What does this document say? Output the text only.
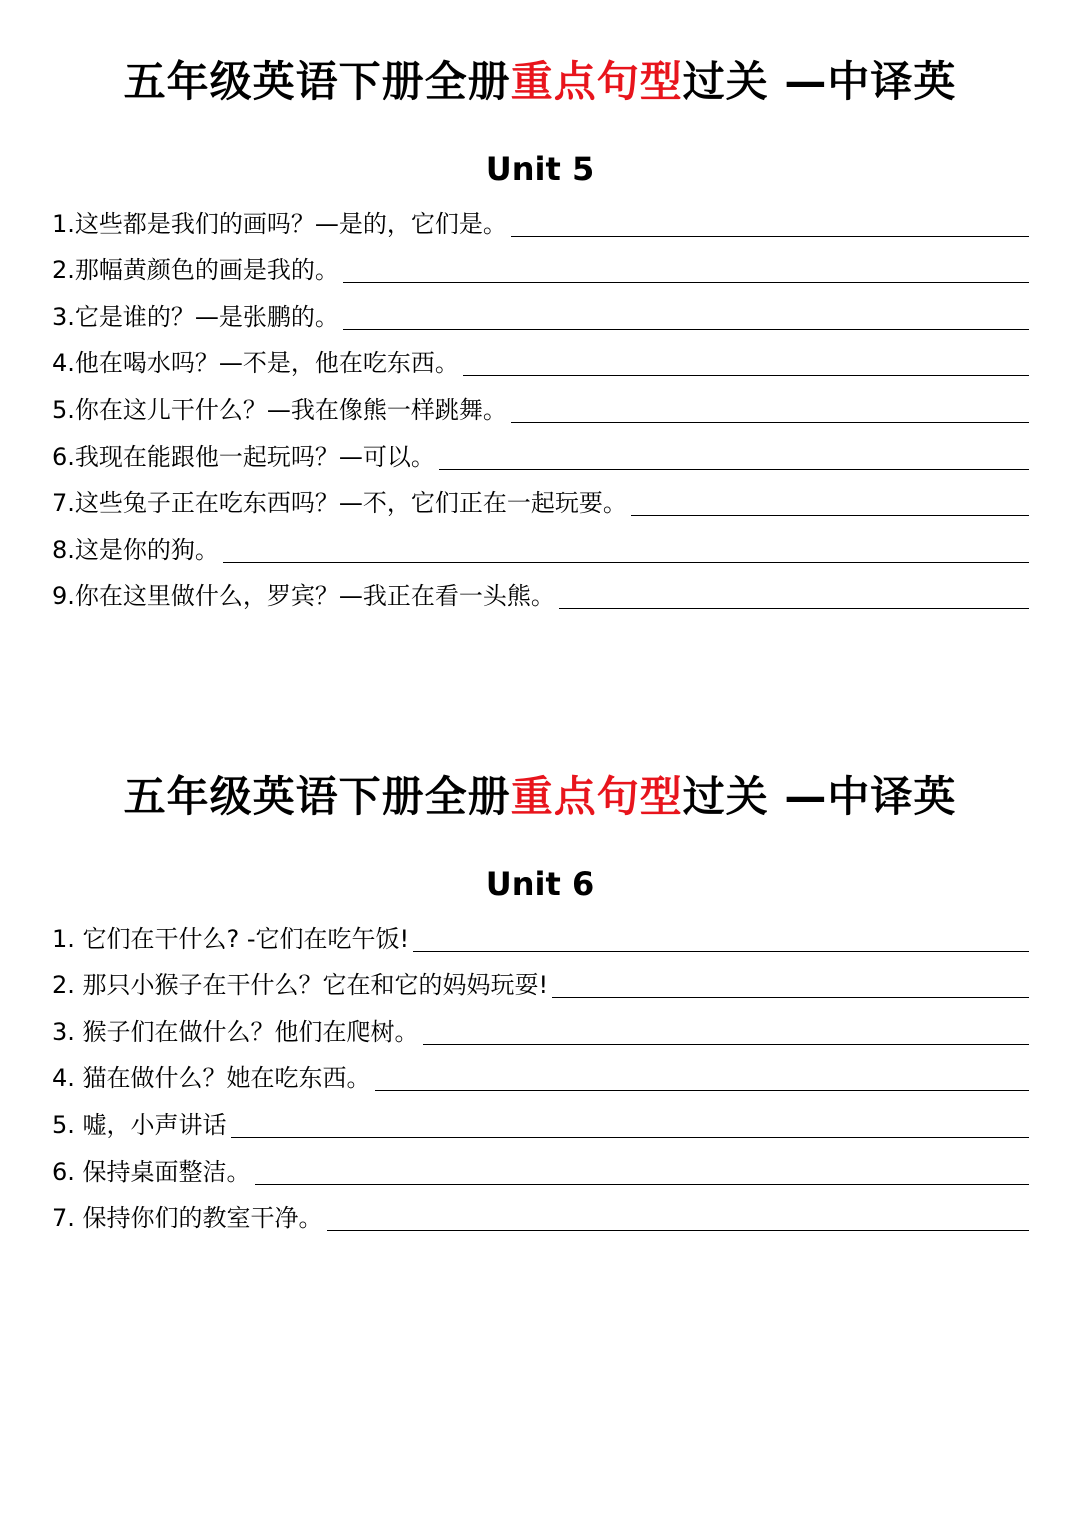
五年级英语下册全册重点句型过关 —中译英
Unit 5
1.这些都是我们的画吗？—是的，它们是。
2.那幅黄颜色的画是我的。
3.它是谁的？—是张鹏的。
4.他在喝水吗？—不是，他在吃东西。
5.你在这儿干什么？—我在像熊一样跳舞。
6.我现在能跟他一起玩吗？—可以。
7.这些兔子正在吃东西吗？—不，它们正在一起玩要。
8.这是你的狗。
9.你在这里做什么，罗宾？—我正在看一头熊。
五年级英语下册全册重点句型过关 —中译英
Unit 6
1. 它们在干什么? -它们在吃午饭!
2. 那只小猴子在干什么？它在和它的妈妈玩耍!
3. 猴子们在做什么？他们在爬树。
4. 猫在做什么？她在吃东西。
5. 嘘，小声讲话
6. 保持桌面整洁。
7. 保持你们的教室干净。
